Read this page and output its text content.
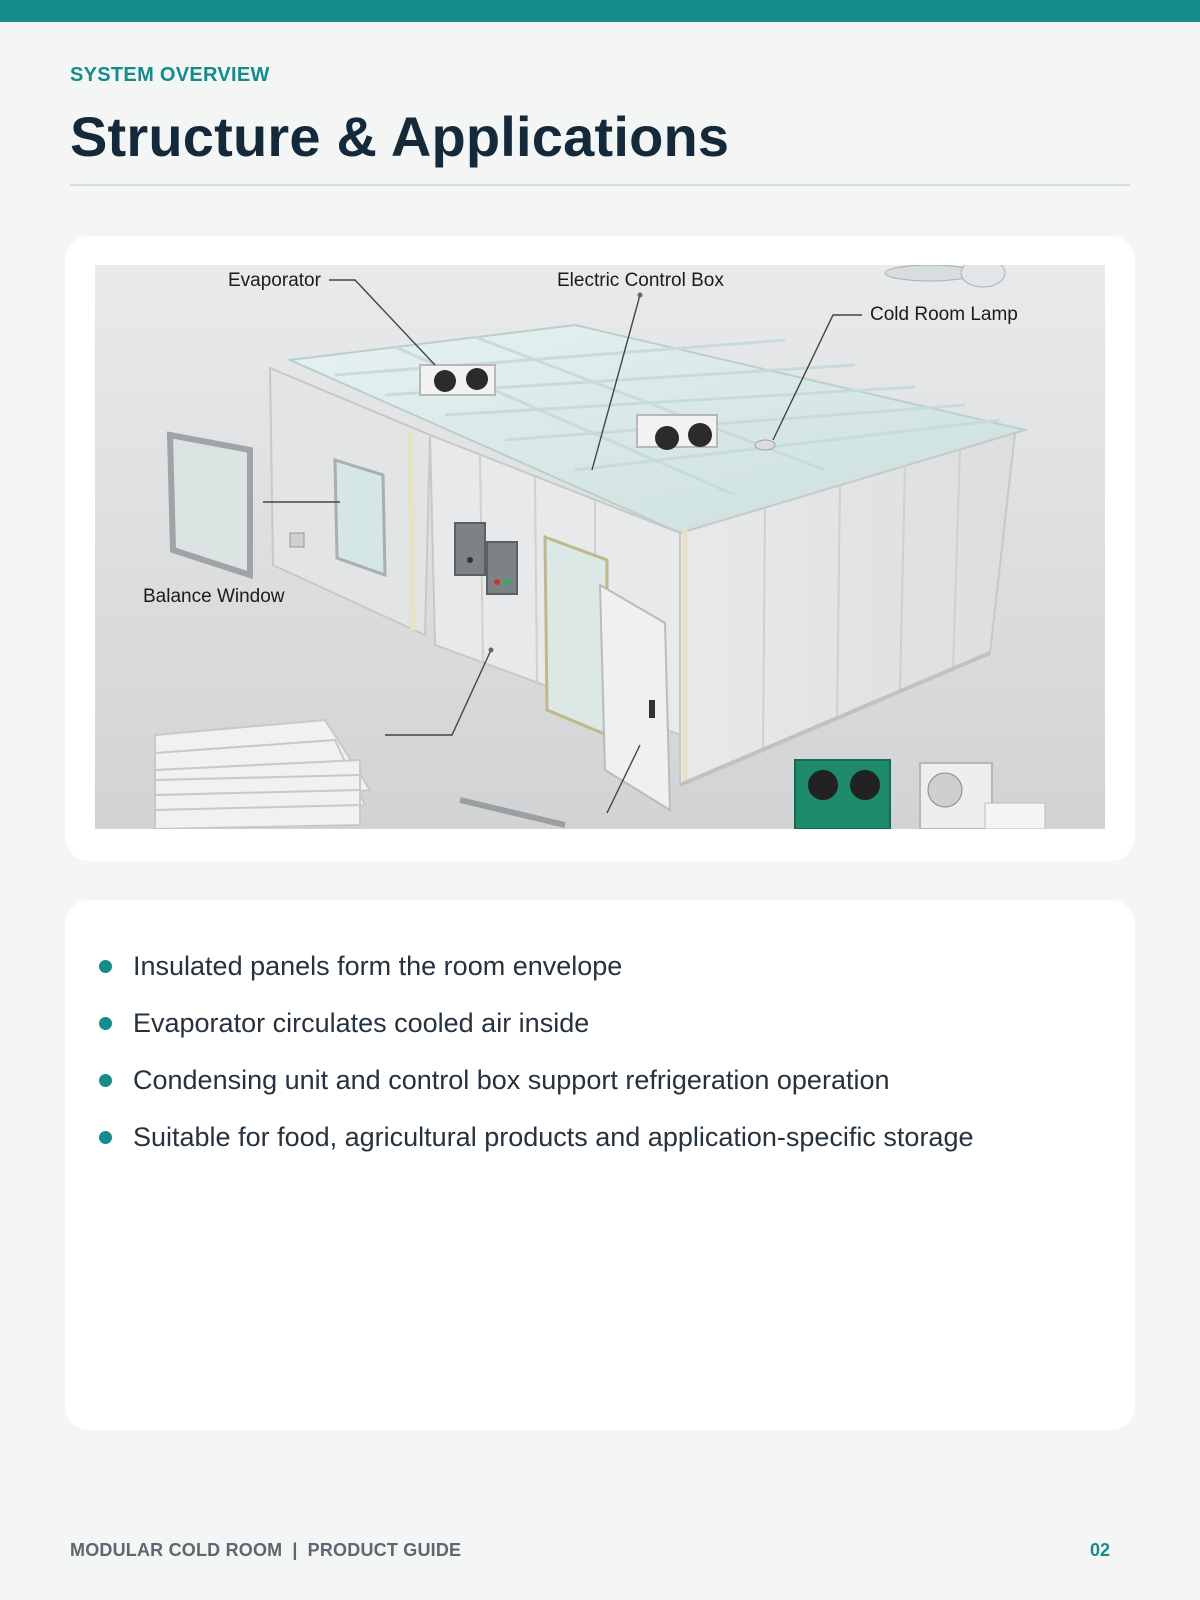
SYSTEM OVERVIEW
Structure & Applications
Evaporator	Electric Control Box
Cold Room Lamp
Balance Window
Insulated panels form the room envelope
Evaporator circulates cooled air inside
Condensing unit and control box support refrigeration operation
Suitable for food, agricultural products and application-specific storage
MODULAR COLD ROOM | PRODUCT GUIDE	02
